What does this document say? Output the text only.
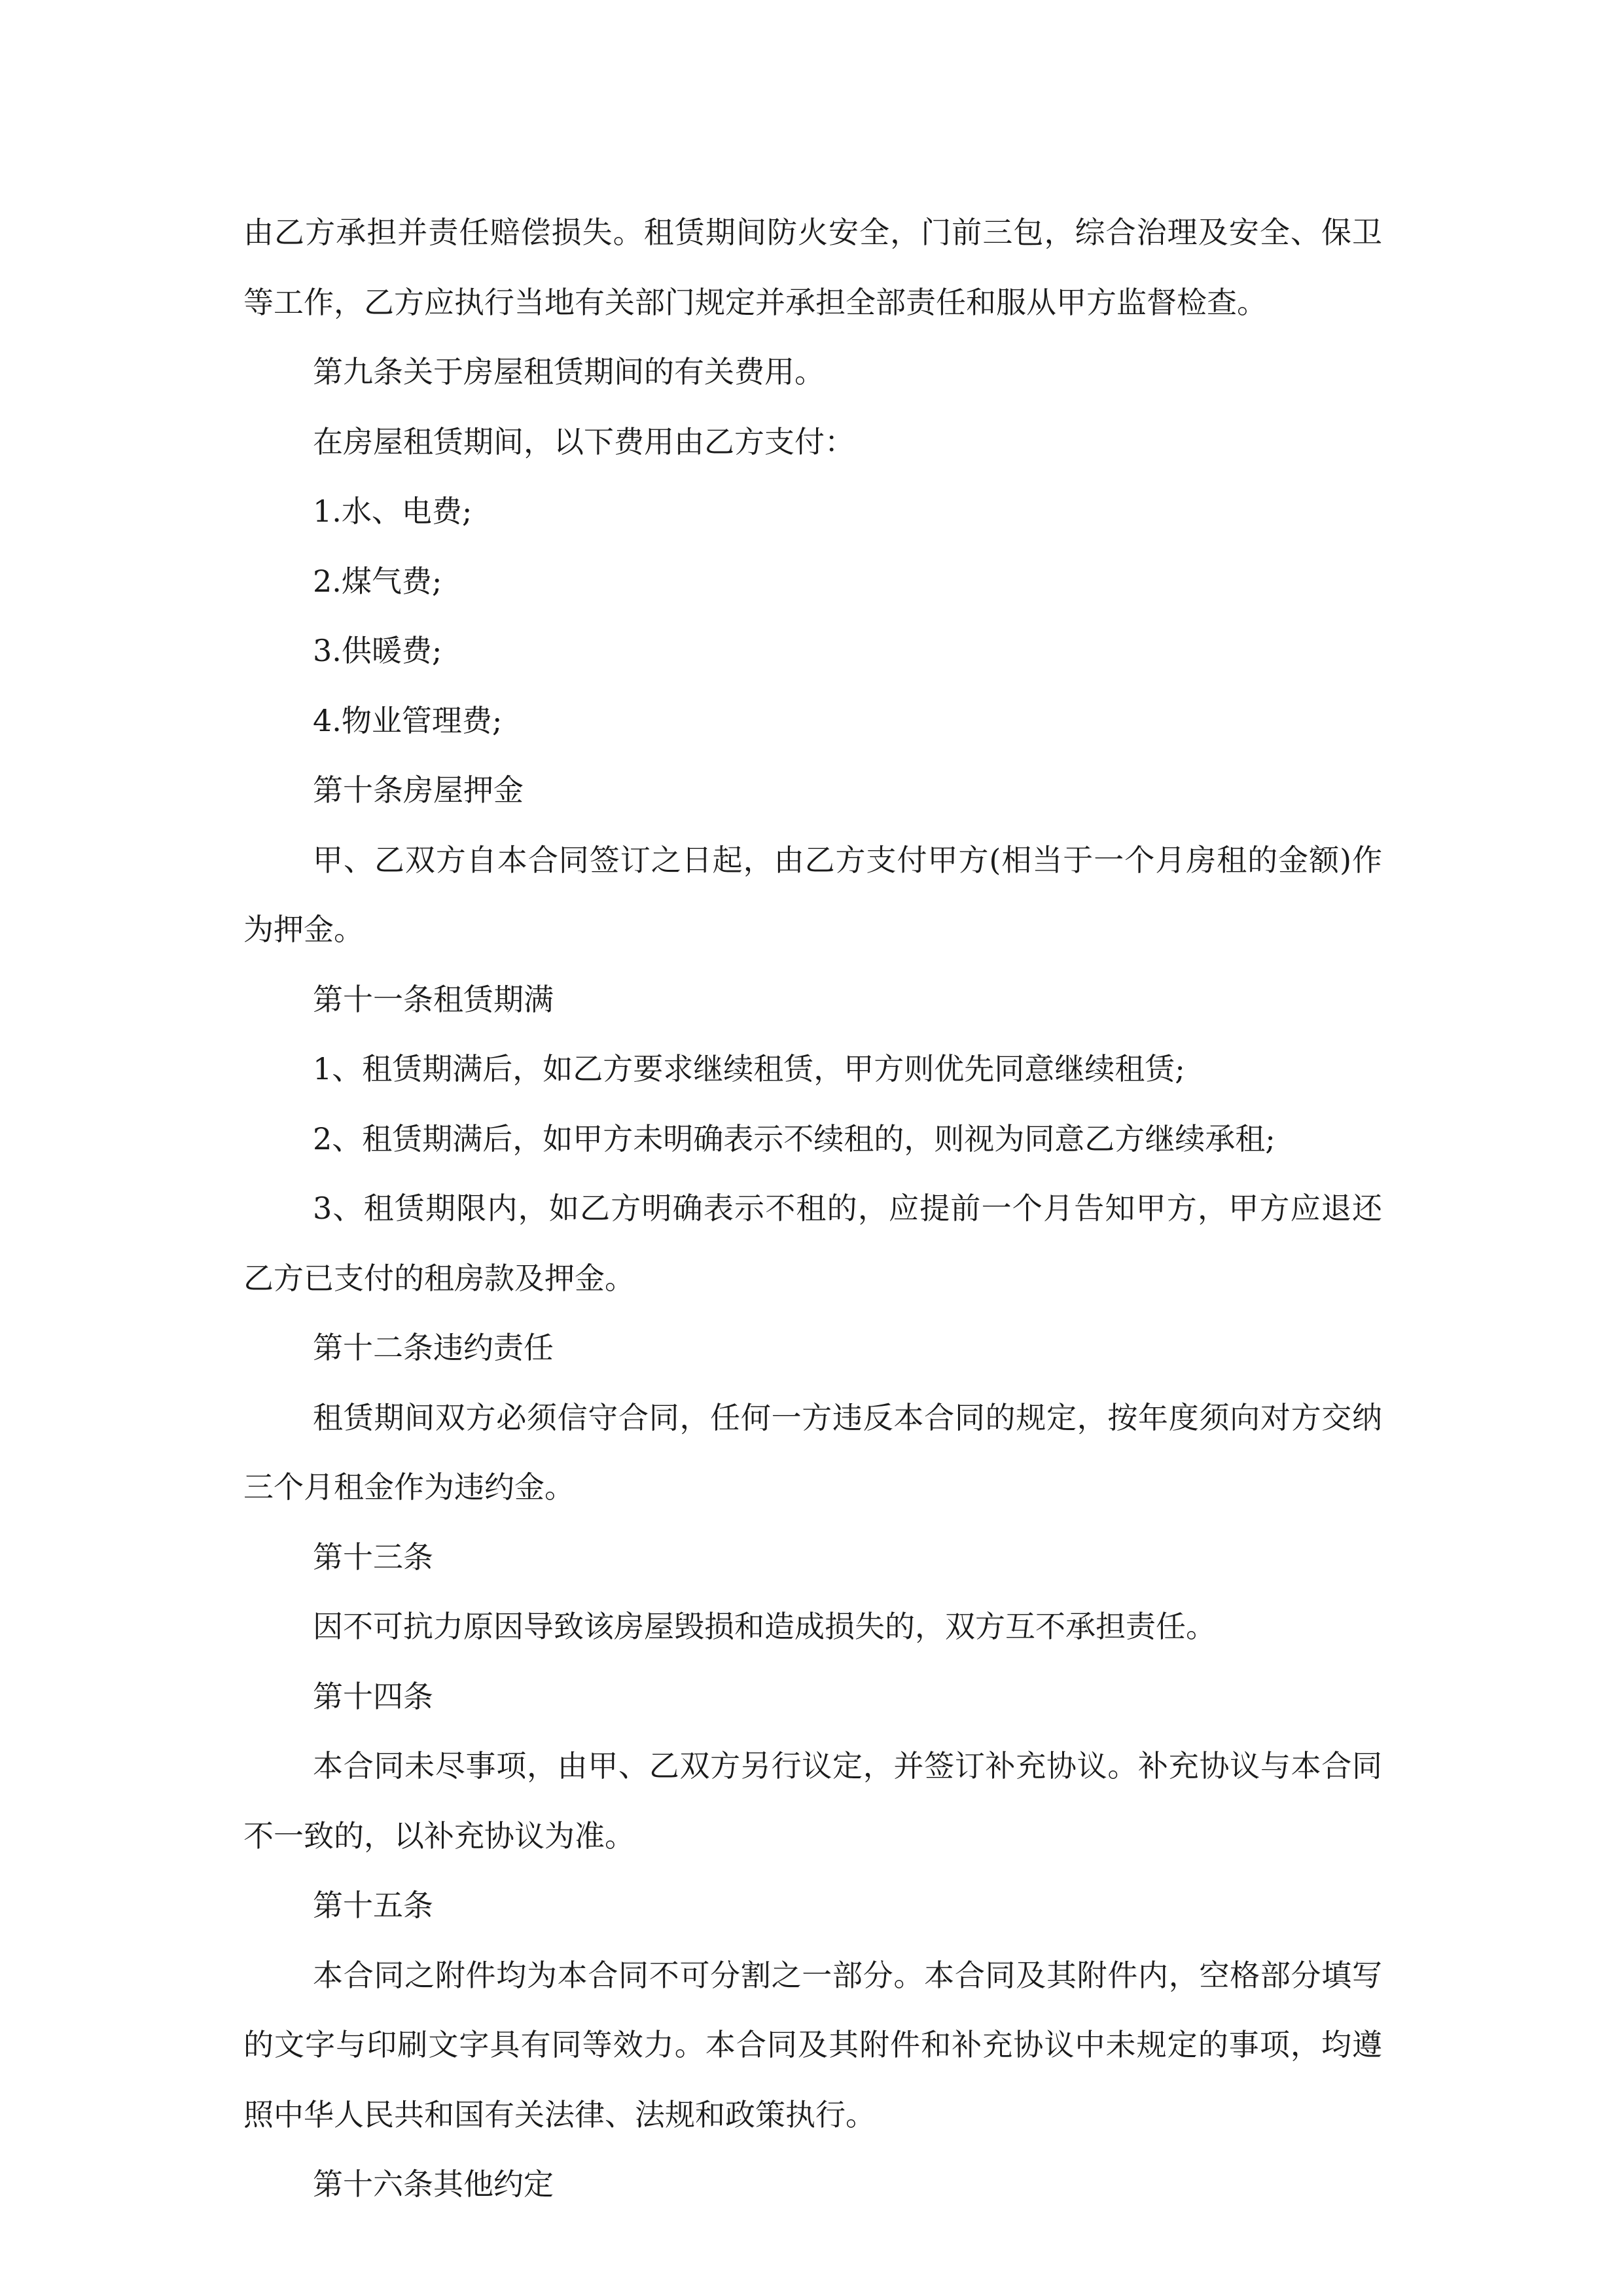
由乙方承担并责任赔偿损失。租赁期间防火安全，门前三包，综合治理及安全、保卫等工作，乙方应执行当地有关部门规定并承担全部责任和服从甲方监督检查。

第九条关于房屋租赁期间的有关费用。

在房屋租赁期间，以下费用由乙方支付：

1.水、电费;

2.煤气费;

3.供暖费;

4.物业管理费;

第十条房屋押金

甲、乙双方自本合同签订之日起，由乙方支付甲方(相当于一个月房租的金额)作为押金。

第十一条租赁期满

1、租赁期满后，如乙方要求继续租赁，甲方则优先同意继续租赁;

2、租赁期满后，如甲方未明确表示不续租的，则视为同意乙方继续承租;

3、租赁期限内，如乙方明确表示不租的，应提前一个月告知甲方，甲方应退还乙方已支付的租房款及押金。

第十二条违约责任

租赁期间双方必须信守合同，任何一方违反本合同的规定，按年度须向对方交纳三个月租金作为违约金。

第十三条

因不可抗力原因导致该房屋毁损和造成损失的，双方互不承担责任。

第十四条

本合同未尽事项，由甲、乙双方另行议定，并签订补充协议。补充协议与本合同不一致的，以补充协议为准。

第十五条

本合同之附件均为本合同不可分割之一部分。本合同及其附件内，空格部分填写的文字与印刷文字具有同等效力。本合同及其附件和补充协议中未规定的事项，均遵照中华人民共和国有关法律、法规和政策执行。

第十六条其他约定
